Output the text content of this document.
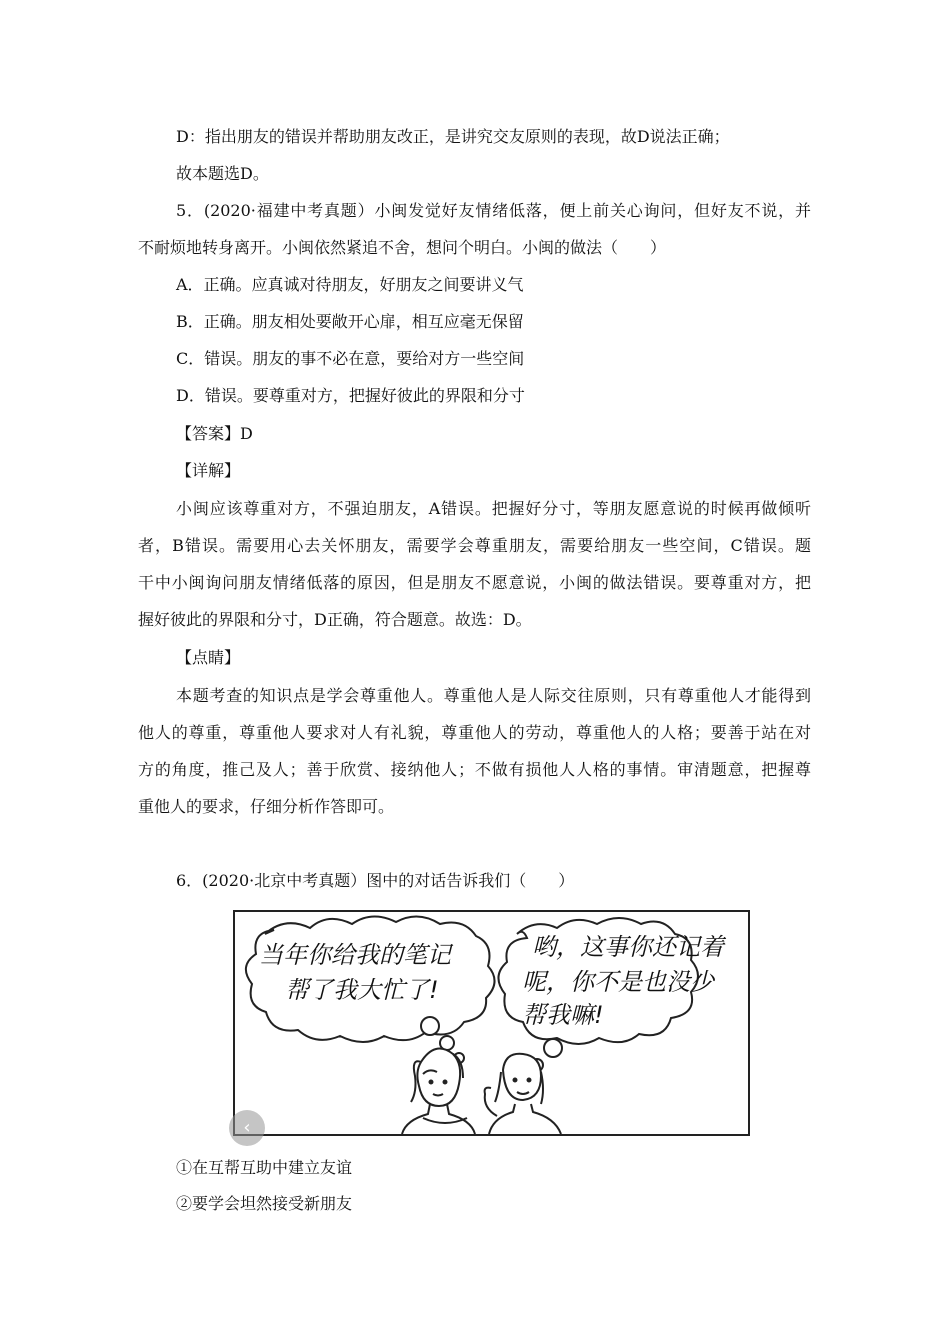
D：指出朋友的错误并帮助朋友改正，是讲究交友原则的表现，故D说法正确；
故本题选D。
5．(2020·福建中考真题）小闽发觉好友情绪低落，便上前关心询问，但好友不说，并
不耐烦地转身离开。小闽依然紧追不舍，想问个明白。小闽的做法（　　）
A．正确。应真诚对待朋友，好朋友之间要讲义气
B．正确。朋友相处要敞开心扉，相互应毫无保留
C．错误。朋友的事不必在意，要给对方一些空间
D．错误。要尊重对方，把握好彼此的界限和分寸
【答案】D
【详解】
小闽应该尊重对方，不强迫朋友，A错误。把握好分寸，等朋友愿意说的时候再做倾听
者，B错误。需要用心去关怀朋友，需要学会尊重朋友，需要给朋友一些空间，C错误。题
干中小闽询问朋友情绪低落的原因，但是朋友不愿意说，小闽的做法错误。要尊重对方，把
握好彼此的界限和分寸，D正确，符合题意。故选：D。
【点睛】
本题考查的知识点是学会尊重他人。尊重他人是人际交往原则，只有尊重他人才能得到
他人的尊重，尊重他人要求对人有礼貌，尊重他人的劳动，尊重他人的人格；要善于站在对
方的角度，推己及人；善于欣赏、接纳他人；不做有损他人人格的事情。审清题意，把握尊
重他人的要求，仔细分析作答即可。
6．(2020·北京中考真题）图中的对话告诉我们（　　）
当年你给我的笔记
帮了我大忙了!
哟，这事你还记着
呢，你不是也没少
帮我嘛!
‹
①在互帮互助中建立友谊
②要学会坦然接受新朋友
